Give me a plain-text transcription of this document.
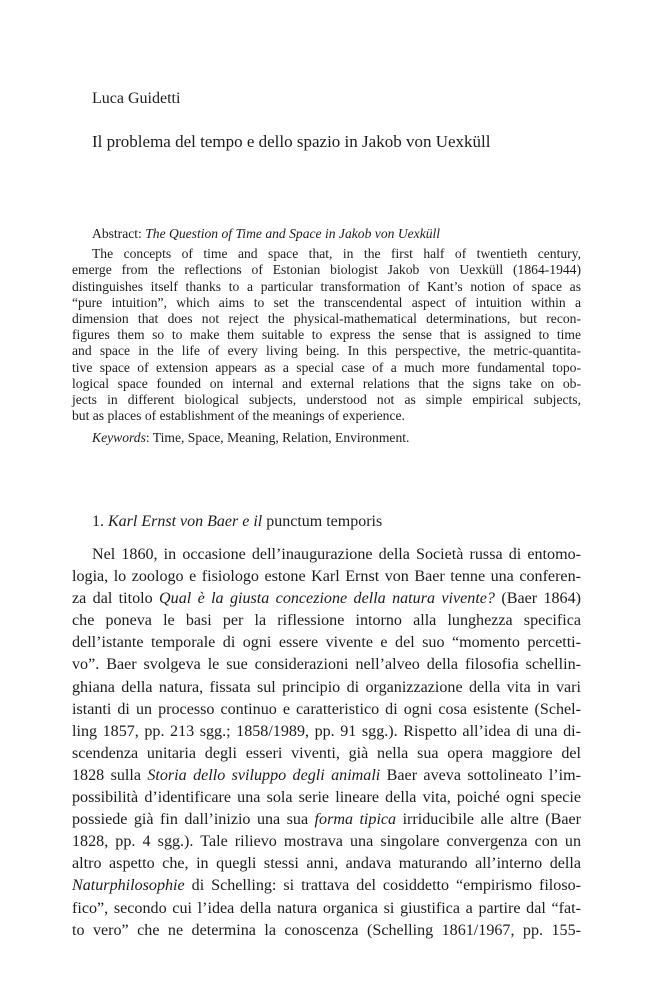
Luca Guidetti
Il problema del tempo e dello spazio in Jakob von Uexküll

Abstract: The Question of Time and Space in Jakob von Uexküll

The concepts of time and space that, in the first half of twentieth century,
emerge from the reflections of Estonian biologist Jakob von Uexküll (1864-1944)
distinguishes itself thanks to a particular transformation of Kant’s notion of space as
“pure intuition”, which aims to set the transcendental aspect of intuition within a
dimension that does not reject the physical-mathematical determinations, but recon-
figures them so to make them suitable to express the sense that is assigned to time
and space in the life of every living being. In this perspective, the metric-quantita-
tive space of extension appears as a special case of a much more fundamental topo-
logical space founded on internal and external relations that the signs take on ob-
jects in different biological subjects, understood not as simple empirical subjects,
but as places of establishment of the meanings of experience.

Keywords: Time, Space, Meaning, Relation, Environment.

1. Karl Ernst von Baer e il punctum temporis
Nel 1860, in occasione dell’inaugurazione della Società russa di entomo-
logia, lo zoologo e fisiologo estone Karl Ernst von Baer tenne una conferen-
za dal titolo Qual è la giusta concezione della natura vivente? (Baer 1864)
che poneva le basi per la riflessione intorno alla lunghezza specifica
dell’istante temporale di ogni essere vivente e del suo “momento percetti-
vo”. Baer svolgeva le sue considerazioni nell’alveo della filosofia schellin-
ghiana della natura, fissata sul principio di organizzazione della vita in vari
istanti di un processo continuo e caratteristico di ogni cosa esistente (Schel-
ling 1857, pp. 213 sgg.; 1858/1989, pp. 91 sgg.). Rispetto all’idea di una di-
scendenza unitaria degli esseri viventi, già nella sua opera maggiore del
1828 sulla Storia dello sviluppo degli animali Baer aveva sottolineato l’im-
possibilità d’identificare una sola serie lineare della vita, poiché ogni specie
possiede già fin dall’inizio una sua forma tipica irriducibile alle altre (Baer
1828, pp. 4 sgg.). Tale rilievo mostrava una singolare convergenza con un
altro aspetto che, in quegli stessi anni, andava maturando all’interno della
Naturphilosophie di Schelling: si trattava del cosiddetto “empirismo filoso-
fico”, secondo cui l’idea della natura organica si giustifica a partire dal “fat-
to vero” che ne determina la conoscenza (Schelling 1861/1967, pp. 155-
